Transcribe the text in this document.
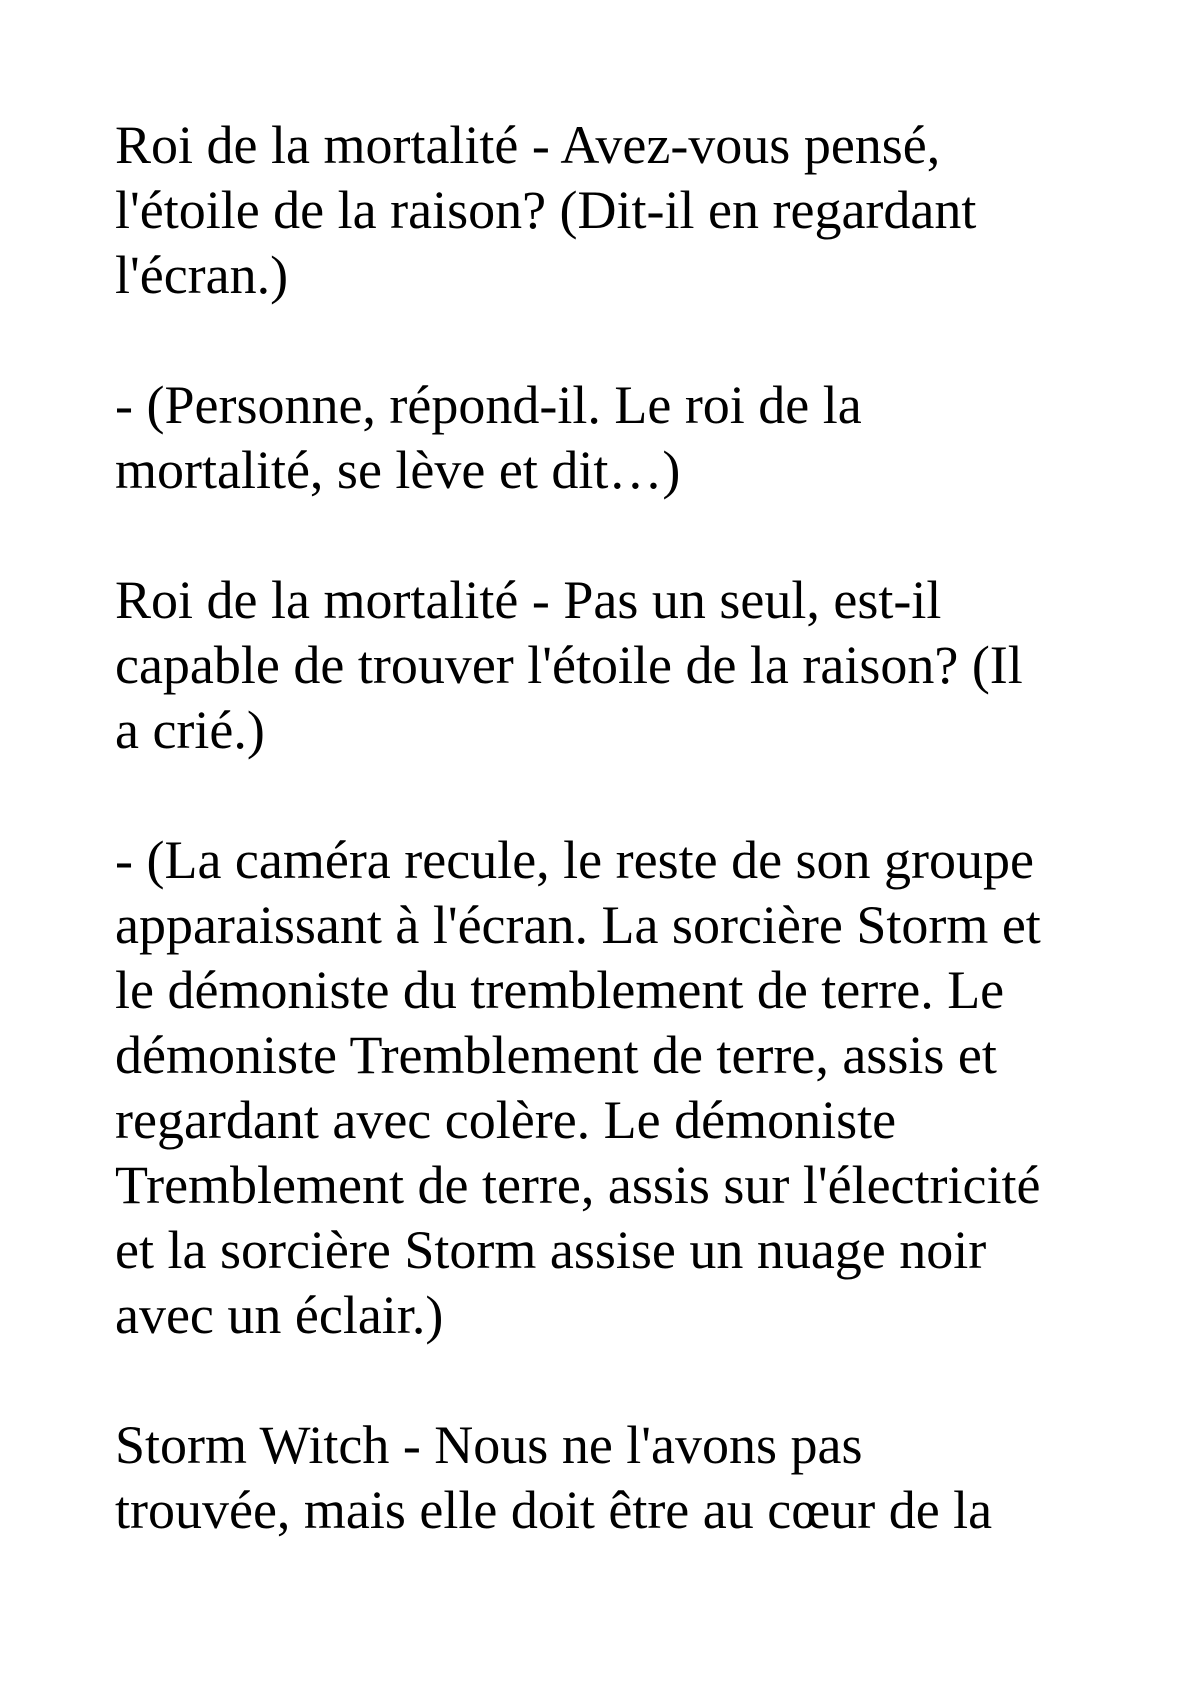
Roi de la mortalité - Avez-vous pensé,
l'étoile de la raison? (Dit-il en regardant
l'écran.)

- (Personne, répond-il. Le roi de la
mortalité, se lève et dit…)

Roi de la mortalité - Pas un seul, est-il
capable de trouver l'étoile de la raison? (Il
a crié.)

- (La caméra recule, le reste de son groupe
apparaissant à l'écran. La sorcière Storm et
le démoniste du tremblement de terre. Le
démoniste Tremblement de terre, assis et
regardant avec colère. Le démoniste
Tremblement de terre, assis sur l'électricité
et la sorcière Storm assise un nuage noir
avec un éclair.)

Storm Witch - Nous ne l'avons pas
trouvée, mais elle doit être au cœur de la
